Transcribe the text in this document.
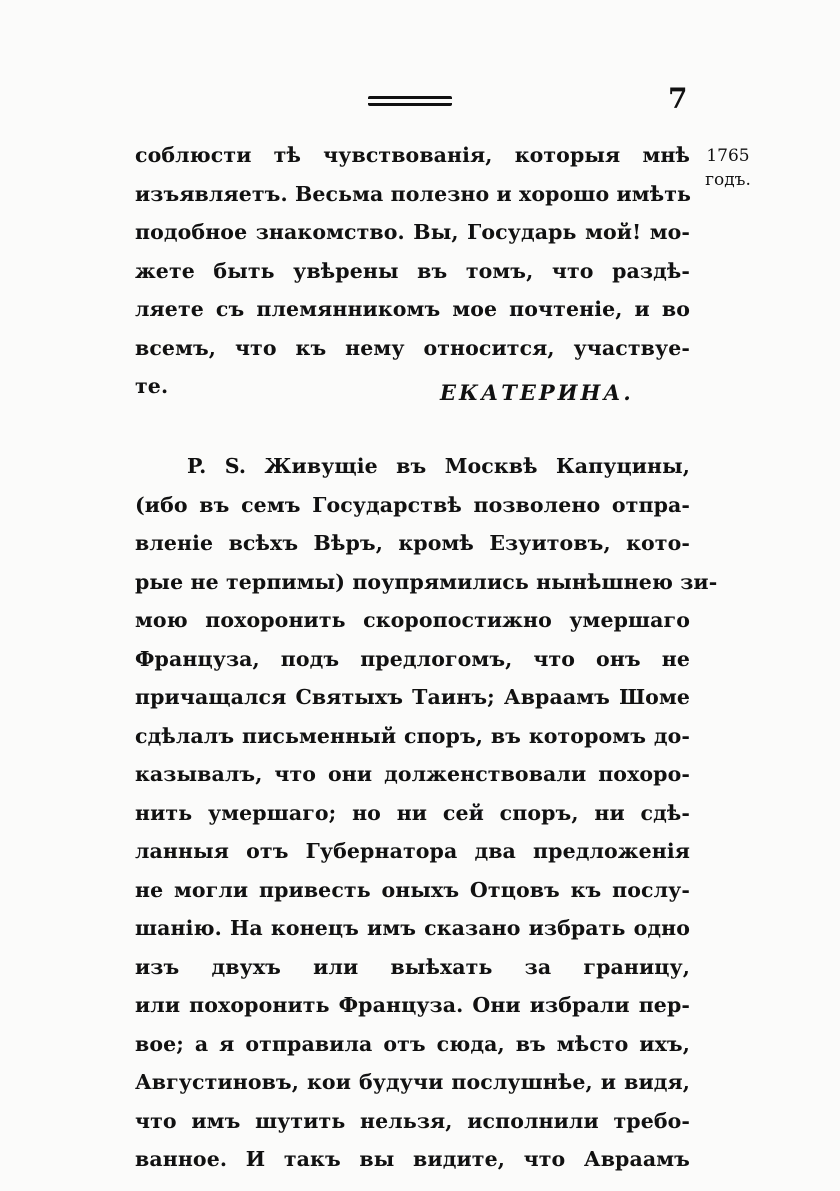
7
1765
годъ.
соблюсти тѣ чувствованія, которыя мнѣ
изъявляетъ. Весьма полезно и хорошо имѣть
подобное знакомство. Вы, Государь мой! мо-
жете быть увѣрены въ томъ, что раздѣ-
ляете съ племянникомъ мое почтеніе, и во
всемъ, что къ нему относится, участвуе-
те.	ЕКАТЕРИНА.
P. S. Живущіе въ Москвѣ Капуцины,
(ибо въ семъ Государствѣ позволено отпра-
вленіе всѣхъ Вѣръ, кромѣ Езуитовъ, кото-
рые не терпимы) поупрямились нынѣшнею зи-
мою похоронить скоропостижно умершаго
Француза, подъ предлогомъ, что онъ не
причащался Святыхъ Таинъ; Авраамъ Шоме
сдѣлалъ письменный споръ, въ которомъ до-
казывалъ, что они долженствовали похоро-
нить умершаго; но ни сей споръ, ни сдѣ-
ланныя отъ Губернатора два предложенія
не могли привесть оныхъ Отцовъ къ послу-
шанію. На конецъ имъ сказано избрать одно
изъ двухъ или выѣхать за границу,
или похоронить Француза. Они избрали пер-
вое; а я отправила отъ сюда, въ мѣсто ихъ,
Августиновъ, кои будучи послушнѣе, и видя,
что имъ шутить нельзя, исполнили требо-
ванное. И такъ вы видите, что Авраамъ
